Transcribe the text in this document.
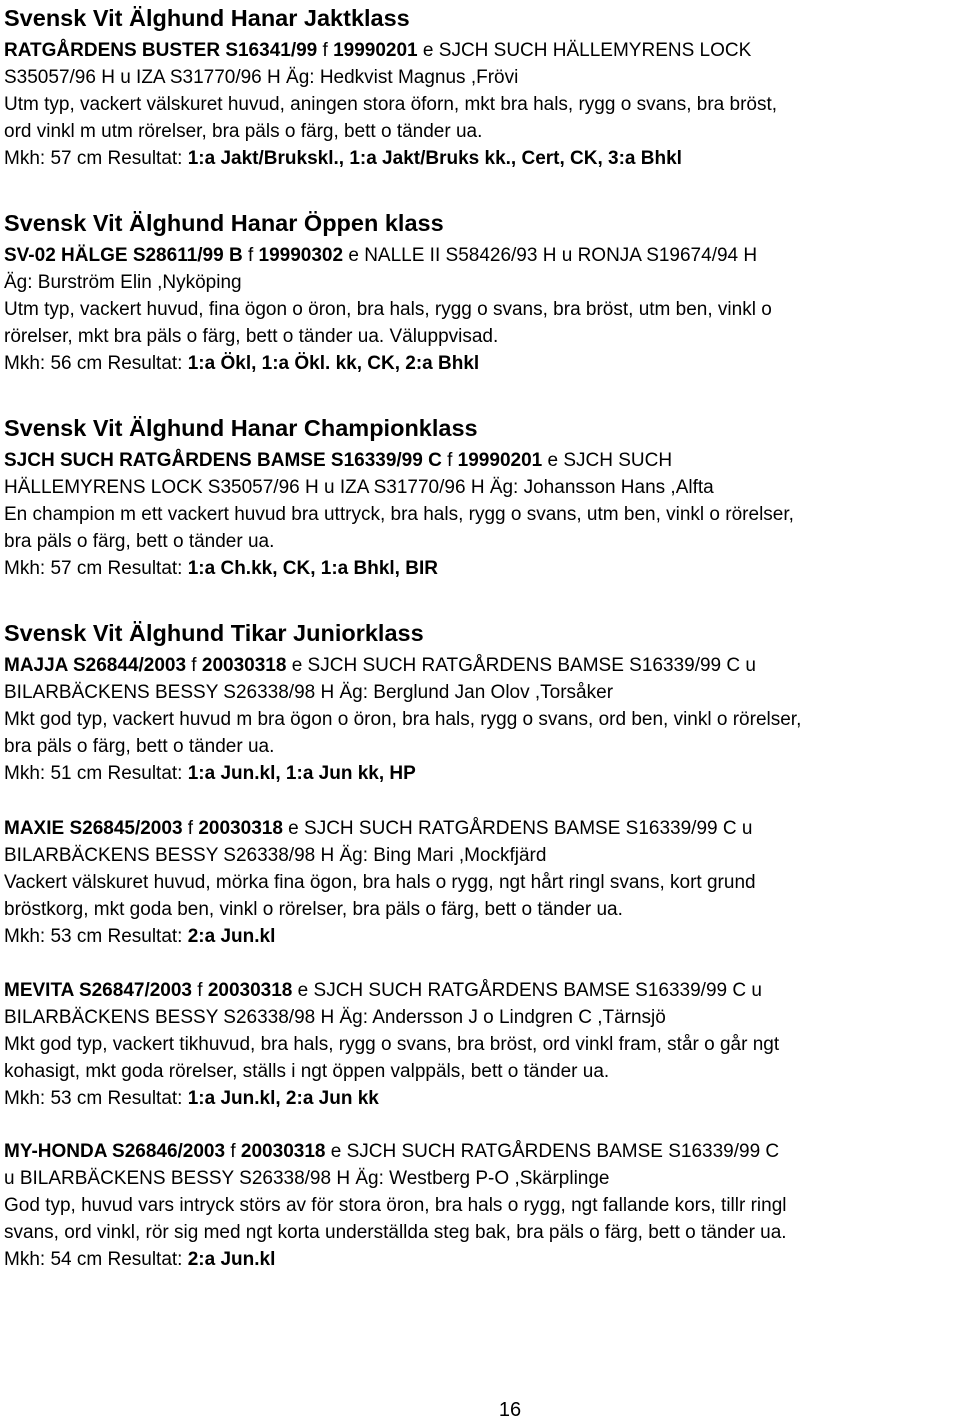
Svensk Vit Älghund Hanar Jaktklass
RATGÅRDENS BUSTER S16341/99 f 19990201 e SJCH SUCH HÄLLEMYRENS LOCK
S35057/96 H u IZA S31770/96 H Äg: Hedkvist Magnus ,Frövi
Utm typ, vackert välskuret huvud, aningen stora öforn, mkt bra hals, rygg o svans, bra bröst,
ord vinkl m utm rörelser, bra päls o färg, bett o tänder ua.
Mkh: 57 cm Resultat: 1:a Jakt/Brukskl., 1:a Jakt/Bruks kk., Cert, CK, 3:a Bhkl
Svensk Vit Älghund Hanar Öppen klass
SV-02 HÄLGE S28611/99 B f 19990302 e NALLE II S58426/93 H u RONJA S19674/94 H
Äg: Burström Elin ,Nyköping
Utm typ, vackert huvud, fina ögon o öron, bra hals, rygg o svans, bra bröst, utm ben, vinkl o
rörelser, mkt bra päls o färg, bett o tänder ua. Väluppvisad.
Mkh: 56 cm Resultat: 1:a Ökl, 1:a Ökl. kk, CK, 2:a Bhkl
Svensk Vit Älghund Hanar Championklass
SJCH SUCH RATGÅRDENS BAMSE S16339/99 C f 19990201 e SJCH SUCH
HÄLLEMYRENS LOCK S35057/96 H u IZA S31770/96 H Äg: Johansson Hans ,Alfta
En champion m ett vackert huvud bra uttryck, bra hals, rygg o svans, utm ben, vinkl o rörelser,
bra päls o färg, bett o tänder ua.
Mkh: 57 cm Resultat: 1:a Ch.kk, CK, 1:a Bhkl, BIR
Svensk Vit Älghund Tikar Juniorklass
MAJJA S26844/2003 f 20030318 e SJCH SUCH RATGÅRDENS BAMSE S16339/99 C u
BILARBÄCKENS BESSY S26338/98 H Äg: Berglund Jan Olov ,Torsåker
Mkt god typ, vackert huvud m bra ögon o öron, bra hals, rygg o svans, ord ben, vinkl o rörelser,
bra päls o färg, bett o tänder ua.
Mkh: 51 cm Resultat: 1:a Jun.kl, 1:a Jun kk, HP
MAXIE S26845/2003 f 20030318 e SJCH SUCH RATGÅRDENS BAMSE S16339/99 C u
BILARBÄCKENS BESSY S26338/98 H Äg: Bing Mari ,Mockfjärd
Vackert välskuret huvud, mörka fina ögon, bra hals o rygg, ngt hårt ringl svans, kort grund
bröstkorg, mkt goda ben, vinkl o rörelser, bra päls o färg, bett o tänder ua.
Mkh: 53 cm Resultat: 2:a Jun.kl
MEVITA S26847/2003 f 20030318 e SJCH SUCH RATGÅRDENS BAMSE S16339/99 C u
BILARBÄCKENS BESSY S26338/98 H Äg: Andersson J o Lindgren C ,Tärnsjö
Mkt god typ, vackert tikhuvud, bra hals, rygg o svans, bra bröst, ord vinkl fram, står o går ngt
kohasigt, mkt goda rörelser, ställs i ngt öppen valppäls, bett o tänder ua.
Mkh: 53 cm Resultat: 1:a Jun.kl, 2:a Jun kk
MY-HONDA S26846/2003 f 20030318 e SJCH SUCH RATGÅRDENS BAMSE S16339/99 C
u BILARBÄCKENS BESSY S26338/98 H Äg: Westberg P-O ,Skärplinge
God typ, huvud vars intryck störs av för stora öron, bra hals o rygg, ngt fallande kors, tillr ringl
svans, ord vinkl, rör sig med ngt korta underställda steg bak, bra päls o färg, bett o tänder ua.
Mkh: 54 cm Resultat: 2:a Jun.kl
16
